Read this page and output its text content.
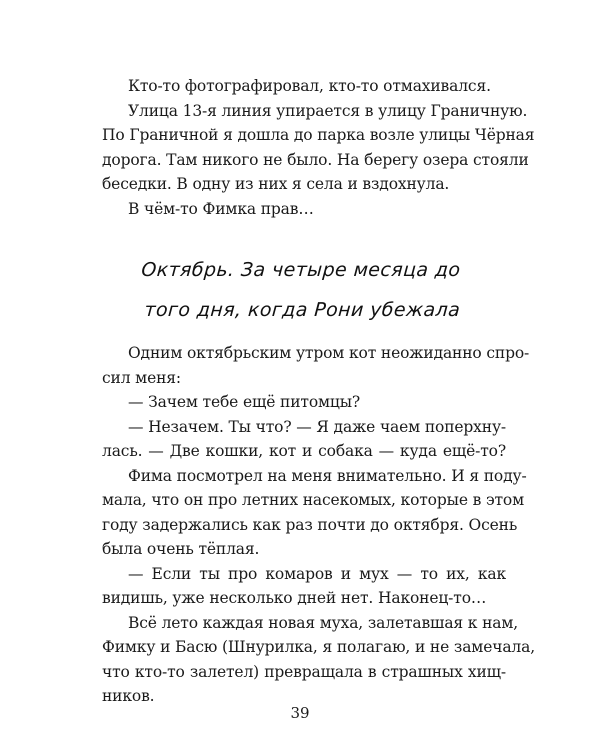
Кто-то фотографировал, кто-то отмахивался.
Улица 13-я линия упирается в улицу Граничную.
По Граничной я дошла до парка возле улицы Чёрная
дорога. Там никого не было. На берегу озера стояли
беседки. В одну из них я села и вздохнула.
В чём-то Фимка прав…
Октябрь. За четыре месяца до
того дня, когда Рони убежала
Одним октябрьским утром кот неожиданно спро-
сил меня:
— Зачем тебе ещё питомцы?
— Незачем. Ты что? — Я даже чаем поперхну-
лась. — Две кошки, кот и собака — куда ещё-то?
Фима посмотрел на меня внимательно. И я поду-
мала, что он про летних насекомых, которые в этом
году задержались как раз почти до октября. Осень
была очень тёплая.
— Если ты про комаров и мух — то их, как
видишь, уже несколько дней нет. Наконец-то…
Всё лето каждая новая муха, залетавшая к нам,
Фимку и Басю (Шнурилка, я полагаю, и не замечала,
что кто-то залетел) превращала в страшных хищ-
ников.
39
